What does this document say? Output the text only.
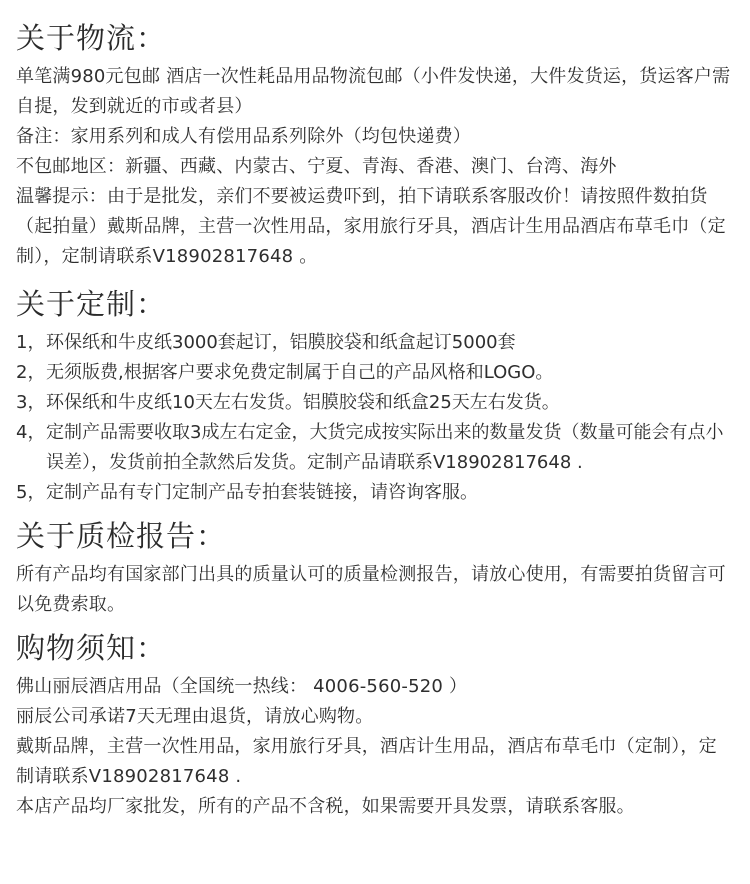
关于物流：

单笔满980元包邮 酒店一次性耗品用品物流包邮（小件发快递，大件发货运，货运客户需自提，发到就近的市或者县）

备注：家用系列和成人有偿用品系列除外（均包快递费）

不包邮地区：新疆、西藏、内蒙古、宁夏、青海、香港、澳门、台湾、海外

温馨提示：由于是批发，亲们不要被运费吓到，拍下请联系客服改价！请按照件数拍货（起拍量）戴斯品牌，主营一次性用品，家用旅行牙具，酒店计生用品酒店布草毛巾（定制），定制请联系V18902817648 。

关于定制：
1， 环保纸和牛皮纸3000套起订，铝膜胶袋和纸盒起订5000套
2， 无须版费,根据客户要求免费定制属于自己的产品风格和LOGO。
3， 环保纸和牛皮纸10天左右发货。铝膜胶袋和纸盒25天左右发货。
4， 定制产品需要收取3成左右定金，大货完成按实际出来的数量发货（数量可能会有点小误差），发货前拍全款然后发货。定制产品请联系V18902817648 .
5， 定制产品有专门定制产品专拍套装链接，请咨询客服。
关于质检报告：

所有产品均有国家部门出具的质量认可的质量检测报告，请放心使用，有需要拍货留言可以免费索取。

购物须知：

佛山丽辰酒店用品（全国统一热线： 4006-560-520 ）

丽辰公司承诺7天无理由退货，请放心购物。

戴斯品牌，主营一次性用品，家用旅行牙具，酒店计生用品，酒店布草毛巾（定制），定制请联系V18902817648 .

本店产品均厂家批发，所有的产品不含税，如果需要开具发票，请联系客服。
